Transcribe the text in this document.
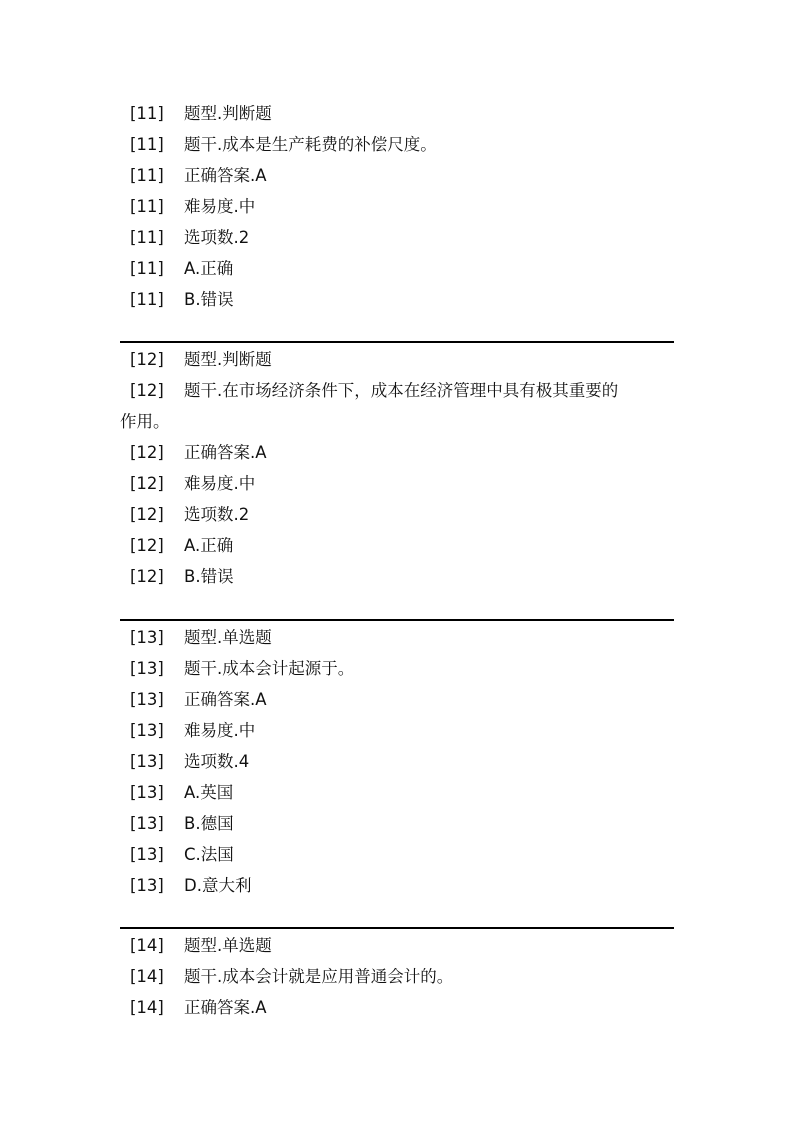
[11] 题型.判断题
[11] 题干.成本是生产耗费的补偿尺度。
[11] 正确答案.A
[11] 难易度.中
[11] 选项数.2
[11] A.正确
[11] B.错误
[12] 题型.判断题
[12] 题干.在市场经济条件下，成本在经济管理中具有极其重要的
作用。
[12] 正确答案.A
[12] 难易度.中
[12] 选项数.2
[12] A.正确
[12] B.错误
[13] 题型.单选题
[13] 题干.成本会计起源于。
[13] 正确答案.A
[13] 难易度.中
[13] 选项数.4
[13] A.英国
[13] B.德国
[13] C.法国
[13] D.意大利
[14] 题型.单选题
[14] 题干.成本会计就是应用普通会计的。
[14] 正确答案.A
